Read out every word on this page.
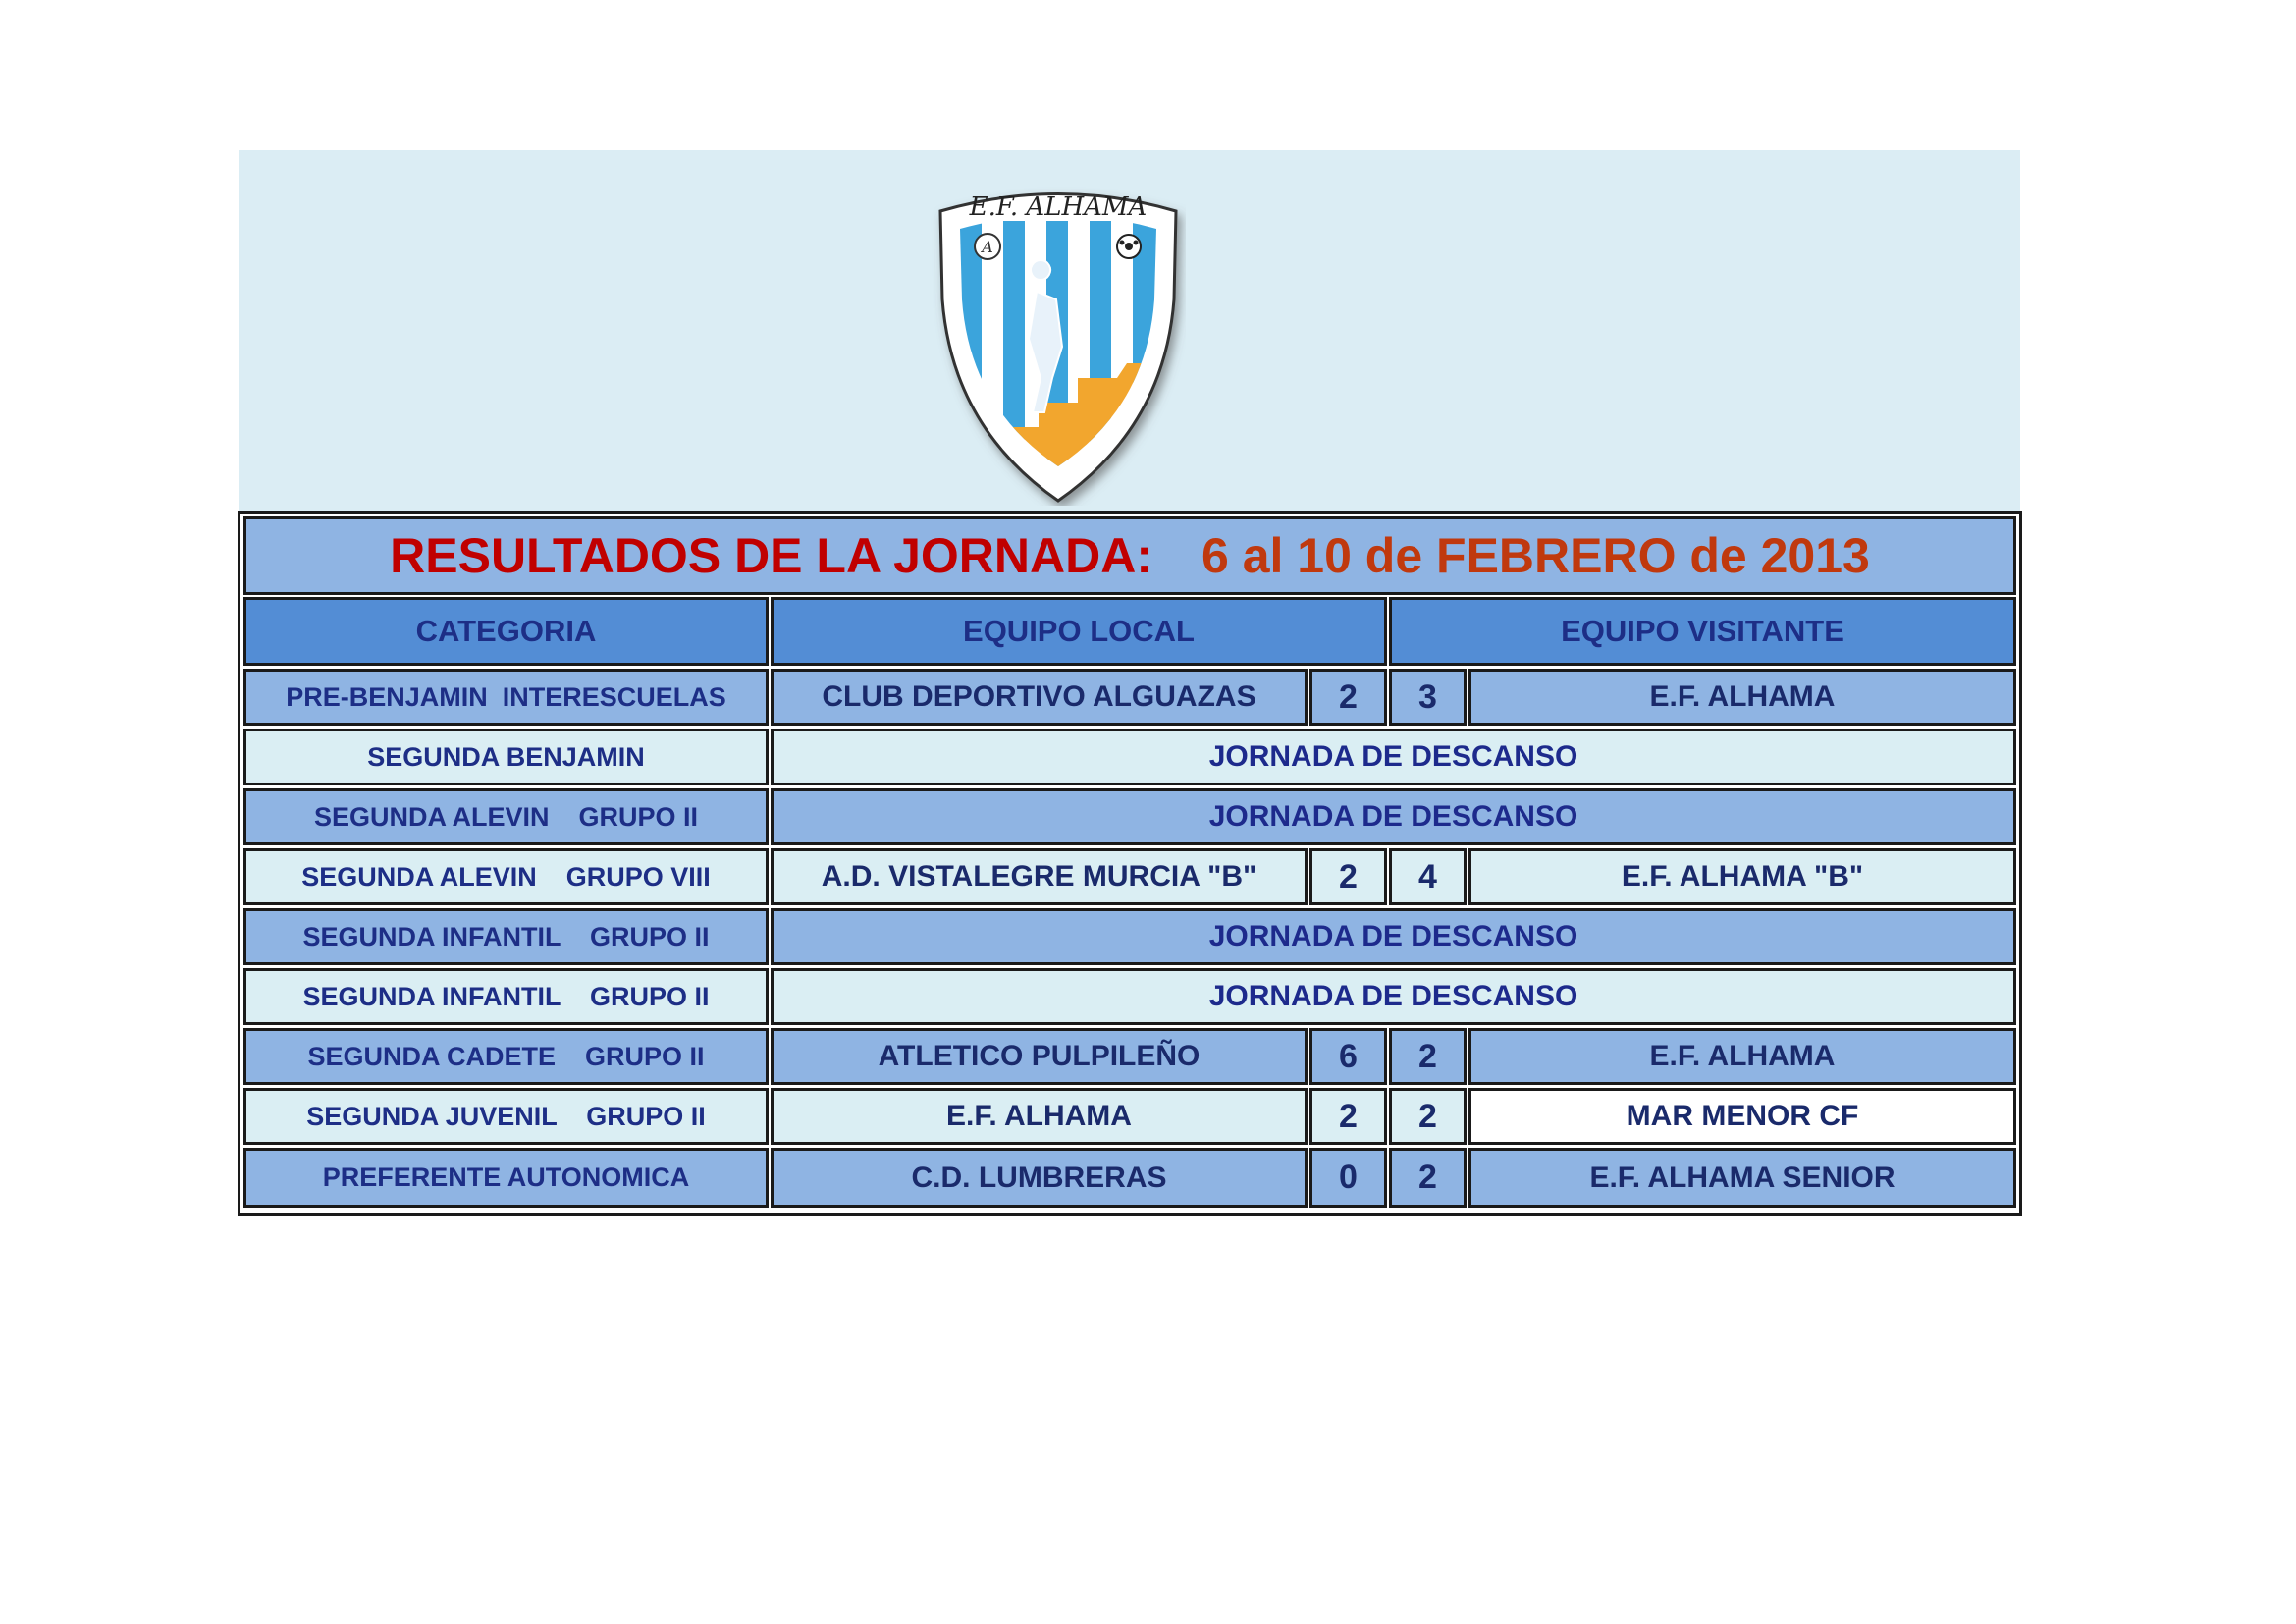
A
E.F. ALHAMA
RESULTADOS DE LA JORNADA: 6 al 10 de FEBRERO de 2013
CATEGORIA	EQUIPO LOCAL	EQUIPO VISITANTE
PRE-BENJAMIN  INTERESCUELAS	CLUB DEPORTIVO ALGUAZAS	2	3	E.F. ALHAMA
SEGUNDA BENJAMIN	JORNADA DE DESCANSO
SEGUNDA ALEVIN    GRUPO II	JORNADA DE DESCANSO
SEGUNDA ALEVIN    GRUPO VIII	A.D. VISTALEGRE MURCIA "B"	2	4	E.F. ALHAMA "B"
SEGUNDA INFANTIL    GRUPO II	JORNADA DE DESCANSO
SEGUNDA INFANTIL    GRUPO II	JORNADA DE DESCANSO
SEGUNDA CADETE    GRUPO II	ATLETICO PULPILEÑO	6	2	E.F. ALHAMA
SEGUNDA JUVENIL    GRUPO II	E.F. ALHAMA	2	2	MAR MENOR CF
PREFERENTE AUTONOMICA	C.D. LUMBRERAS	0	2	E.F. ALHAMA SENIOR
